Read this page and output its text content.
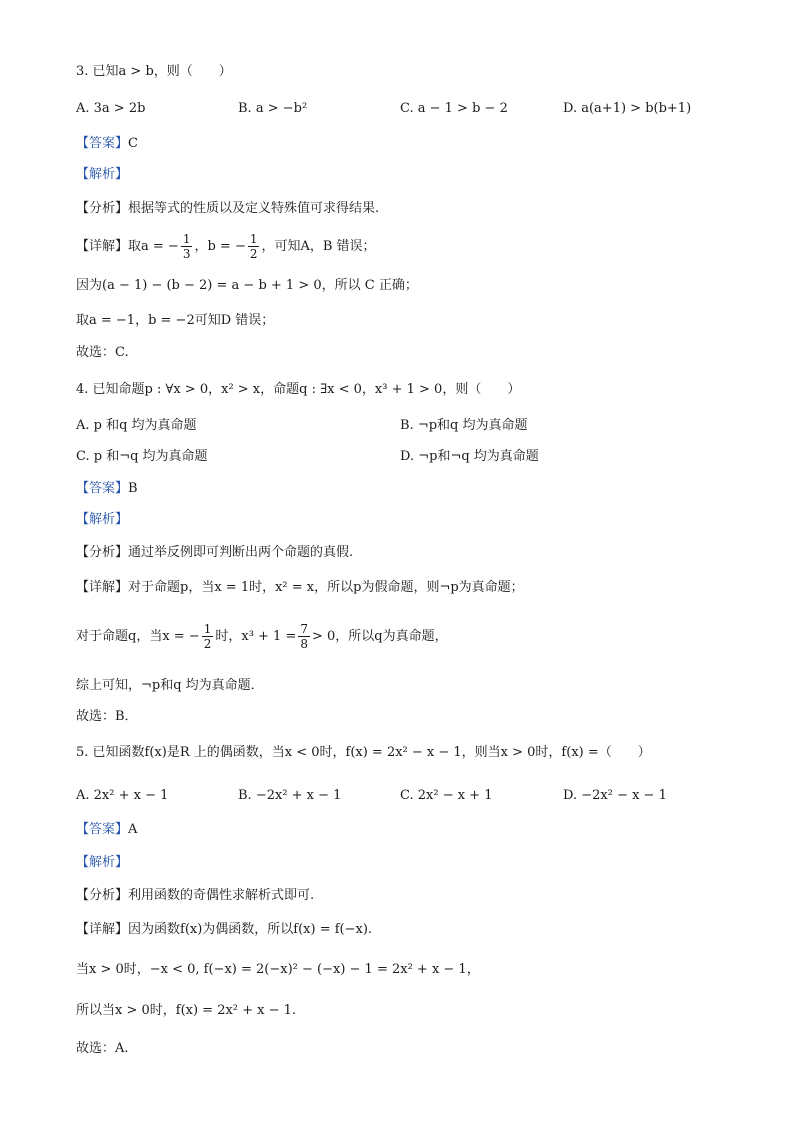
3. 已知a > b，则（　　）
A. 3a > 2b	B. a > −b²	C. a − 1 > b − 2	D. a(a+1) > b(b+1)
【答案】C
【解析】
【分析】根据等式的性质以及定义特殊值可求得结果.
【详解】取a = − $\frac{1}{3}$ ，b = − $\frac{1}{2}$ ，可知A，B 错误；
因为(a − 1) − (b − 2) = a − b + 1 > 0，所以 C 正确；
取a = −1，b = −2可知D 错误；
故选：C.
4. 已知命题p : ∀x > 0，x² > x，命题q : ∃x < 0，x³ + 1 > 0，则（　　）
A. p 和q 均为真命题	B. ¬p和q 均为真命题
C. p 和¬q 均为真命题	D. ¬p和¬q 均为真命题
【答案】B
【解析】
【分析】通过举反例即可判断出两个命题的真假.
【详解】对于命题p，当x = 1时，x² = x，所以p为假命题，则¬p为真命题；
对于命题q，当x = − $\frac{1}{2}$ 时，$x^3 + 1 = \frac{7}{8} > 0$，所以q为真命题，
综上可知，¬p和q 均为真命题．
故选：B．
5. 已知函数f(x)是R 上的偶函数，当x < 0时，f(x) = 2x² − x − 1，则当x > 0时，f(x) =（　　）
A. 2x² + x − 1	B. −2x² + x − 1	C. 2x² − x + 1	D. −2x² − x − 1
【答案】A
【解析】
【分析】利用函数的奇偶性求解析式即可.
【详解】因为函数f(x)为偶函数，所以f(x) = f(−x).
当x > 0时，−x < 0, f(−x) = 2(−x)² − (−x) − 1 = 2x² + x − 1，
所以当x > 0时，f(x) = 2x² + x − 1.
故选：A.
